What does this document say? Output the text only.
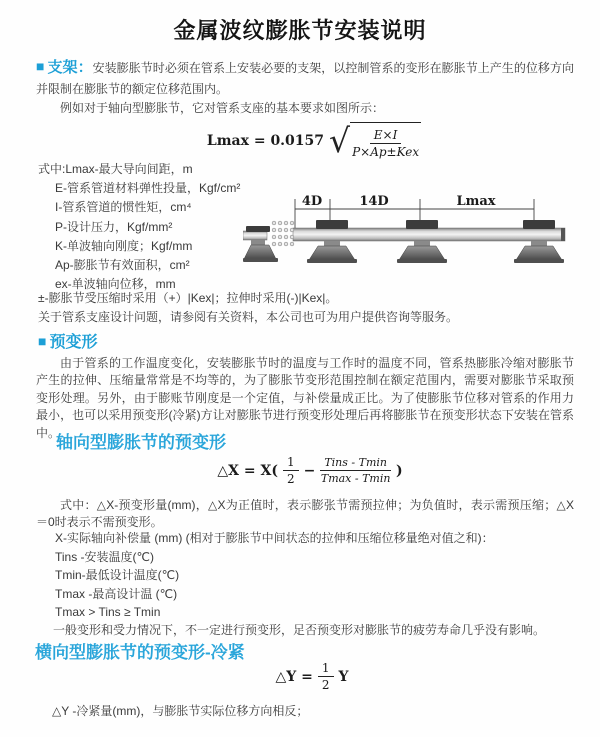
金属波纹膨胀节安装说明
■ 支架：安装膨胀节时必须在管系上安装必要的支架，以控制管系的变形在膨胀节上产生的位移方向并限制在膨胀节的额定位移范围内。
例如对于轴向型膨胀节，它对管系支座的基本要求如图所示：
Lmax = 0.0157 √ $\frac{E\times I}{\text{P×Ap±Kex}}$
式中:Lmax-最大导向间距，m
E-管系管道材料弹性投量，Kgf/cm²
I-管系管道的惯性矩，cm⁴
P-设计压力，Kgf/mm²
K-单波轴向刚度；Kgf/mm
Ap-膨胀节有效面积，cm²
ex-单波轴向位移，mm
±-膨胀节受压缩时采用（+）|Kex|；拉伸时采用(-)|Kex|。
关于管系支座设计问题，请参阅有关资料，本公司也可为用户提供咨询等服务。
4D	14D	Lmax
■ 预变形
由于管系的工作温度变化，安装膨胀节时的温度与工作时的温度不同，管系热膨胀冷缩对膨胀节产生的拉伸、压缩量常常是不均等的，为了膨胀节变形范围控制在额定范围内，需要对膨胀节采取预变形处理。另外，由于膨账节刚度是一个定值，与补偿量成正比。为了使膨胀节位移对管系的作用力最小，也可以采用预变形(冷紧)方让对膨胀节进行预变形处理后再将膨胀节在预变形状态下安装在管系中。
轴向型膨胀节的预变形
△X = $X( \frac{1}{2} - \frac{\text{Tins - Tmin}}{Tmax - Tmin}$ )
式中：△X-预变形量(mm)，△X为正值时，表示膨张节需预拉伸；为负值时，表示需预压缩；△X＝0时表示不需预变形。
X-实际轴向补偿量 (mm) (相对于膨胀节中间状态的拉伸和压缩位移量绝对值之和)：
Tins -安装温度(℃)
Tmin-最低设计温度(℃)
Tmax -最高设计温 (℃)
Tmax > Tins ≥ Tmin
一般变形和受力情况下，不一定进行预变形，足否预变形对膨胀节的疲劳寿命几乎没有影响。
横向型膨胀节的预变形-冷紧
△Y = $\frac{1}{2}$ Y
△Y -冷紧量(mm)，与膨胀节实际位移方向相反；
